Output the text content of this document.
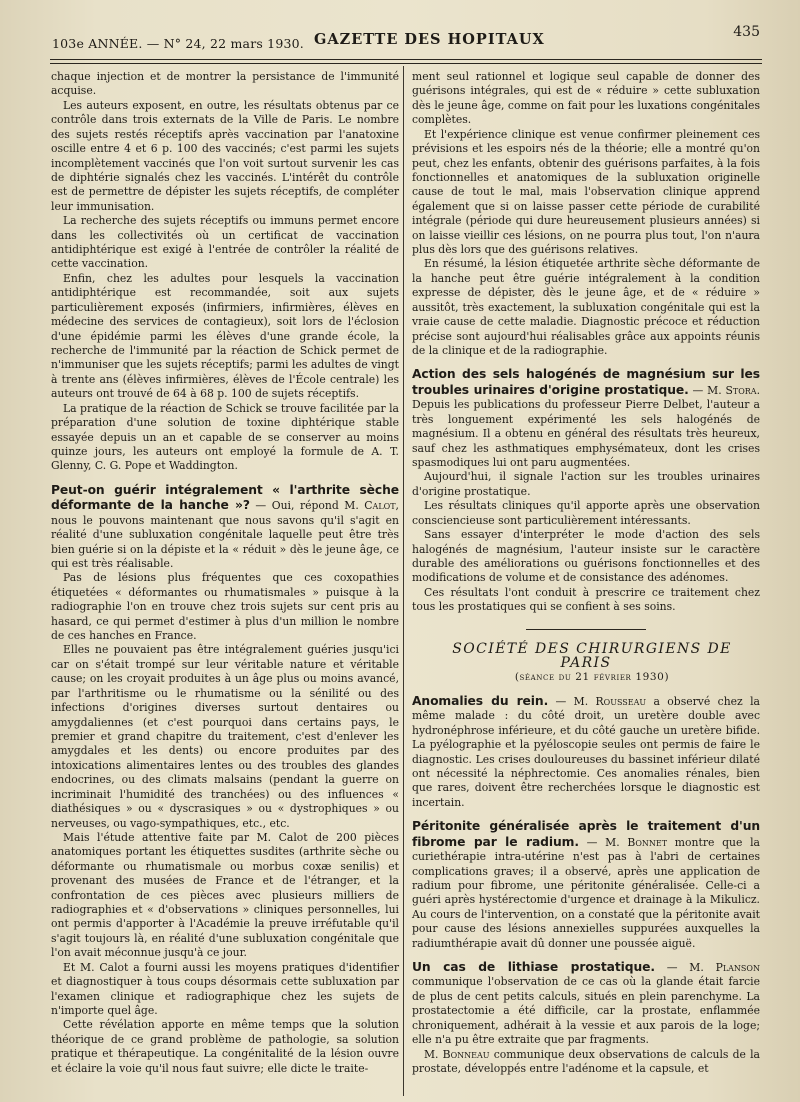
103e ANNÉE. — N° 24, 22 mars 1930. GAZETTE DES HOPITAUX	435

chaque injection et de montrer la persistance de l'immunité acquise.

Les auteurs exposent, en outre, les résultats obtenus par ce contrôle dans trois externats de la Ville de Paris. Le nombre des sujets restés réceptifs après vaccination par l'anatoxine oscille entre 4 et 6 p. 100 des vaccinés; c'est parmi les sujets incomplètement vaccinés que l'on voit surtout survenir les cas de diphtérie signalés chez les vaccinés. L'intérêt du contrôle est de permettre de dépister les sujets réceptifs, de compléter leur immunisation.

La recherche des sujets réceptifs ou immuns permet encore dans les collectivités où un certificat de vaccination antidiphtérique est exigé à l'entrée de contrôler la réalité de cette vaccination.

Enfin, chez les adultes pour lesquels la vaccination antidiphtérique est recommandée, soit aux sujets particulièrement exposés (infirmiers, infirmières, élèves en médecine des services de contagieux), soit lors de l'éclosion d'une épidémie parmi les élèves d'une grande école, la recherche de l'immunité par la réaction de Schick permet de n'immuniser que les sujets réceptifs; parmi les adultes de vingt à trente ans (élèves infirmières, élèves de l'École centrale) les auteurs ont trouvé de 64 à 68 p. 100 de sujets réceptifs.

La pratique de la réaction de Schick se trouve facilitée par la préparation d'une solution de toxine diphtérique stable essayée depuis un an et capable de se conserver au moins quinze jours, les auteurs ont employé la formule de A. T. Glenny, C. G. Pope et Waddington.

Peut-on guérir intégralement « l'arthrite sèche déformante de la hanche »? — Oui, répond M. Calot, nous le pouvons maintenant que nous savons qu'il s'agit en réalité d'une subluxation congénitale laquelle peut être très bien guérie si on la dépiste et la « réduit » dès le jeune âge, ce qui est très réalisable.

Pas de lésions plus fréquentes que ces coxopathies étiquetées « déformantes ou rhumatismales » puisque à la radiographie l'on en trouve chez trois sujets sur cent pris au hasard, ce qui permet d'estimer à plus d'un million le nombre de ces hanches en France.

Elles ne pouvaient pas être intégralement guéries jusqu'ici car on s'était trompé sur leur véritable nature et véritable cause; on les croyait produites à un âge plus ou moins avancé, par l'arthritisme ou le rhumatisme ou la sénilité ou des infections d'origines diverses surtout dentaires ou amygdaliennes (et c'est pourquoi dans certains pays, le premier et grand chapitre du traitement, c'est d'enlever les amygdales et les dents) ou encore produites par des intoxications alimentaires lentes ou des troubles des glandes endocrines, ou des climats malsains (pendant la guerre on incriminait l'humidité des tranchées) ou des influences « diathésiques » ou « dyscrasiques » ou « dystrophiques » ou nerveuses, ou vago-sympathiques, etc., etc.

Mais l'étude attentive faite par M. Calot de 200 pièces anatomiques portant les étiquettes susdites (arthrite sèche ou déformante ou rhumatismale ou morbus coxæ senilis) et provenant des musées de France et de l'étranger, et la confrontation de ces pièces avec plusieurs milliers de radiographies et « d'observations » cliniques personnelles, lui ont permis d'apporter à l'Académie la preuve irréfutable qu'il s'agit toujours là, en réalité d'une subluxation congénitale que l'on avait méconnue jusqu'à ce jour.

Et M. Calot a fourni aussi les moyens pratiques d'identifier et diagnostiquer à tous coups désormais cette subluxation par l'examen clinique et radiographique chez les sujets de n'importe quel âge.

Cette révélation apporte en même temps que la solution théorique de ce grand problème de pathologie, sa solution pratique et thérapeutique. La congénitalité de la lésion ouvre et éclaire la voie qu'il nous faut suivre; elle dicte le traite-

ment seul rationnel et logique seul capable de donner des guérisons intégrales, qui est de « réduire » cette subluxation dès le jeune âge, comme on fait pour les luxations congénitales complètes.

Et l'expérience clinique est venue confirmer pleinement ces prévisions et les espoirs nés de la théorie; elle a montré qu'on peut, chez les enfants, obtenir des guérisons parfaites, à la fois fonctionnelles et anatomiques de la subluxation originelle cause de tout le mal, mais l'observation clinique apprend également que si on laisse passer cette période de curabilité intégrale (période qui dure heureusement plusieurs années) si on laisse vieillir ces lésions, on ne pourra plus tout, l'on n'aura plus dès lors que des guérisons relatives.

En résumé, la lésion étiquetée arthrite sèche déformante de la hanche peut être guérie intégralement à la condition expresse de dépister, dès le jeune âge, et de « réduire » aussitôt, très exactement, la subluxation congénitale qui est la vraie cause de cette maladie. Diagnostic précoce et réduction précise sont aujourd'hui réalisables grâce aux appoints réunis de la clinique et de la radiographie.

Action des sels halogénés de magnésium sur les troubles urinaires d'origine prostatique. — M. Stora. Depuis les publications du professeur Pierre Delbet, l'auteur a très longuement expérimenté les sels halogénés de magnésium. Il a obtenu en général des résultats très heureux, sauf chez les asthmatiques emphysémateux, dont les crises spasmodiques lui ont paru augmentées.

Aujourd'hui, il signale l'action sur les troubles urinaires d'origine prostatique.

Les résultats cliniques qu'il apporte après une observation consciencieuse sont particulièrement intéressants.

Sans essayer d'interpréter le mode d'action des sels halogénés de magnésium, l'auteur insiste sur le caractère durable des améliorations ou guérisons fonctionnelles et des modifications de volume et de consistance des adénomes.

Ces résultats l'ont conduit à prescrire ce traitement chez tous les prostatiques qui se confient à ses soins.

SOCIÉTÉ DES CHIRURGIENS DE PARIS

(séance du 21 février 1930)

Anomalies du rein. — M. Rousseau a observé chez la même malade : du côté droit, un uretère double avec hydronéphrose inférieure, et du côté gauche un uretère bifide. La pyélographie et la pyéloscopie seules ont permis de faire le diagnostic. Les crises douloureuses du bassinet inférieur dilaté ont nécessité la néphrectomie. Ces anomalies rénales, bien que rares, doivent être recherchées lorsque le diagnostic est incertain.

Péritonite généralisée après le traitement d'un fibrome par le radium. — M. Bonnet montre que la curiethérapie intra-utérine n'est pas à l'abri de certaines complications graves; il a observé, après une application de radium pour fibrome, une péritonite généralisée. Celle-ci a guéri après hystérectomie d'urgence et drainage à la Mikulicz. Au cours de l'intervention, on a constaté que la péritonite avait pour cause des lésions annexielles suppurées auxquelles la radiumthérapie avait dû donner une poussée aiguë.

Un cas de lithiase prostatique. — M. Planson communique l'observation de ce cas où la glande était farcie de plus de cent petits calculs, situés en plein parenchyme. La prostatectomie a été difficile, car la prostate, enflammée chroniquement, adhérait à la vessie et aux parois de la loge; elle n'a pu être extraite que par fragments.

M. Bonneau communique deux observations de calculs de la prostate, développés entre l'adénome et la capsule, et
